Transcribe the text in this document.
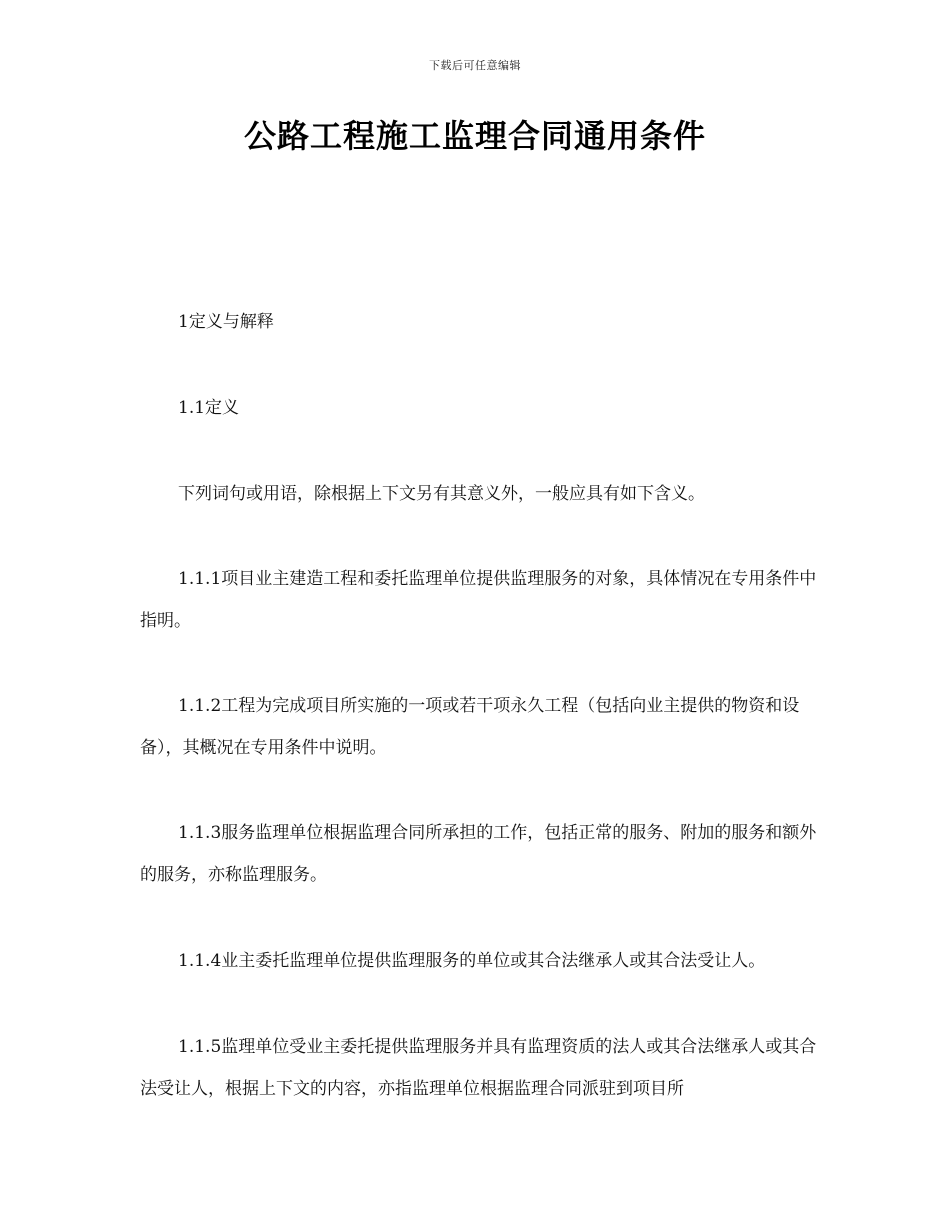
下载后可任意编辑
公路工程施工监理合同通用条件

1定义与解释

1.1定义

下列词句或用语，除根据上下文另有其意义外，一般应具有如下含义。

1.1.1项目业主建造工程和委托监理单位提供监理服务的对象，具体情况在专用条件中指明。

1.1.2工程为完成项目所实施的一项或若干项永久工程（包括向业主提供的物资和设备），其概况在专用条件中说明。

1.1.3服务监理单位根据监理合同所承担的工作，包括正常的服务、附加的服务和额外的服务，亦称监理服务。

1.1.4业主委托监理单位提供监理服务的单位或其合法继承人或其合法受让人。

1.1.5监理单位受业主委托提供监理服务并具有监理资质的法人或其合法继承人或其合法受让人，根据上下文的内容，亦指监理单位根据监理合同派驻到项目所
